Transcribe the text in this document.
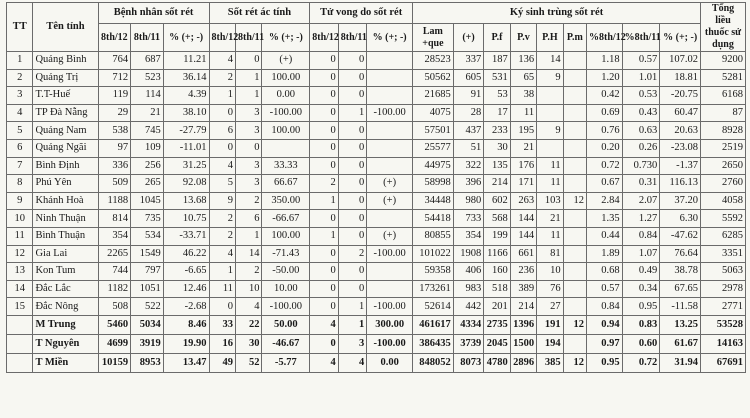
TT	Tên tỉnh	Bệnh nhân sốt rét			Sốt rét ác tính			Tử vong do sốt rét			Ký sinh trùng sốt rét									Tổng liều thuốc sử dụng
		8th/12	8th/11	% (+; -)	8th/12	8th/11	% (+; -)	8th/12	8th/11	% (+; -)	Lam +que	(+)	P.f	P.v	P.H	P.m	%8th/12	%8th/11	% (+; -)	
1	Quảng Bình	764	687	11.21	4	0	(+)	0	0		28523	337	187	136	14		1.18	0.57	107.02	9200
2	Quảng Trị	712	523	36.14	2	1	100.00	0	0		50562	605	531	65	9		1.20	1.01	18.81	5281
3	T.T-Huế	119	114	4.39	1	1	0.00	0	0		21685	91	53	38			0.42	0.53	-20.75	6168
4	TP Đà Nẵng	29	21	38.10	0	3	-100.00	0	1	-100.00	4075	28	17	11			0.69	0.43	60.47	87
5	Quảng Nam	538	745	-27.79	6	3	100.00	0	0		57501	437	233	195	9		0.76	0.63	20.63	8928
6	Quảng Ngãi	97	109	-11.01	0	0		0	0		25577	51	30	21			0.20	0.26	-23.08	2519
7	Bình Định	336	256	31.25	4	3	33.33	0	0		44975	322	135	176	11		0.72	0.730	-1.37	2650
8	Phú Yên	509	265	92.08	5	3	66.67	2	0	(+)	58998	396	214	171	11		0.67	0.31	116.13	2760
9	Khánh Hoà	1188	1045	13.68	9	2	350.00	1	0	(+)	34448	980	602	263	103	12	2.84	2.07	37.20	4058
10	Ninh Thuận	814	735	10.75	2	6	-66.67	0	0		54418	733	568	144	21		1.35	1.27	6.30	5592
11	Bình Thuận	354	534	-33.71	2	1	100.00	1	0	(+)	80855	354	199	144	11		0.44	0.84	-47.62	6285
12	Gia Lai	2265	1549	46.22	4	14	-71.43	0	2	-100.00	101022	1908	1166	661	81		1.89	1.07	76.64	3351
13	Kon Tum	744	797	-6.65	1	2	-50.00	0	0		59358	406	160	236	10		0.68	0.49	38.78	5063
14	Đắc Lắc	1182	1051	12.46	11	10	10.00	0	0		173261	983	518	389	76		0.57	0.34	67.65	2978
15	Đắc Nông	508	522	-2.68	0	4	-100.00	0	1	-100.00	52614	442	201	214	27		0.84	0.95	-11.58	2771
	M Trung	5460	5034	8.46	33	22	50.00	4	1	300.00	461617	4334	2735	1396	191	12	0.94	0.83	13.25	53528
	T Nguyên	4699	3919	19.90	16	30	-46.67	0	3	-100.00	386435	3739	2045	1500	194		0.97	0.60	61.67	14163
	T Miền	10159	8953	13.47	49	52	-5.77	4	4	0.00	848052	8073	4780	2896	385	12	0.95	0.72	31.94	67691
